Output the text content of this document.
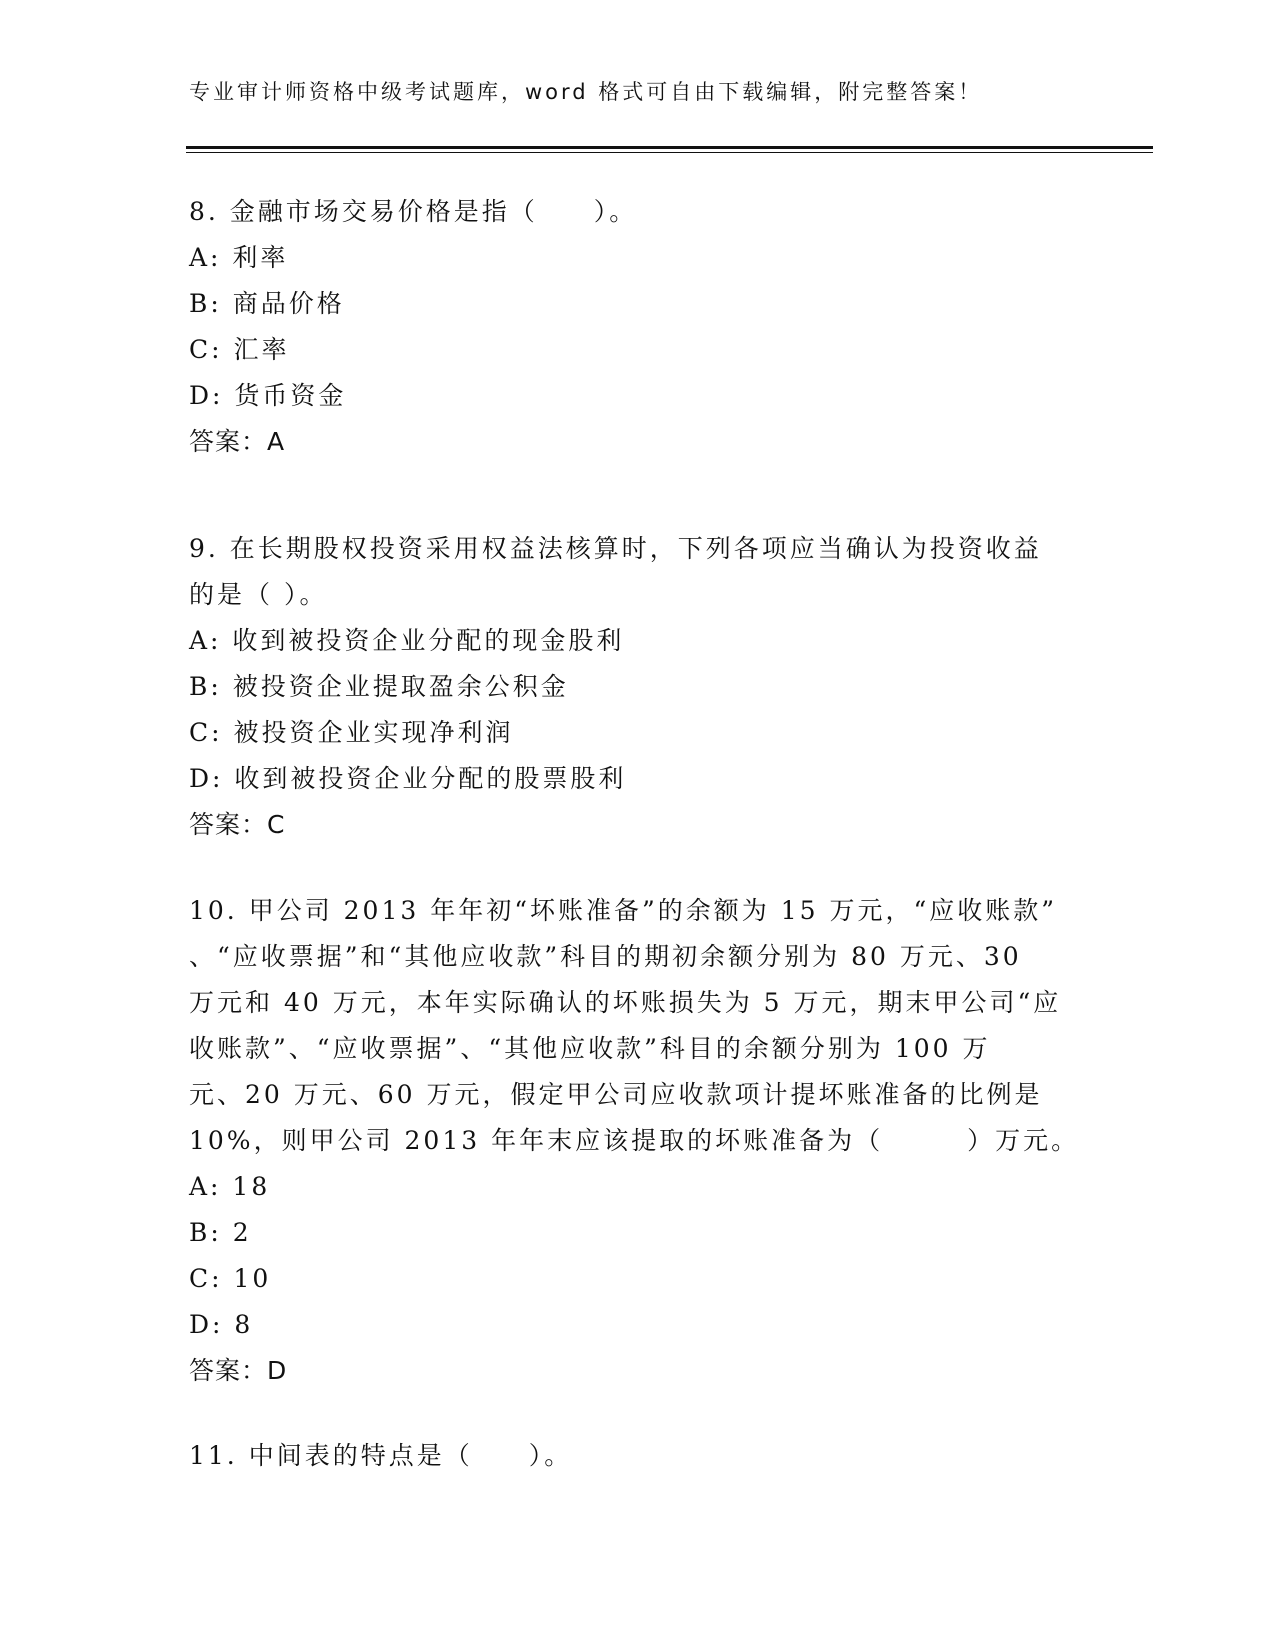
专业审计师资格中级考试题库，word 格式可自由下载编辑，附完整答案！
8. 金融市场交易价格是指（　　）。
A: 利率
B: 商品价格
C: 汇率
D: 货币资金
答案：A
9. 在长期股权投资采用权益法核算时，下列各项应当确认为投资收益
的是（ ）。
A: 收到被投资企业分配的现金股利
B: 被投资企业提取盈余公积金
C: 被投资企业实现净利润
D: 收到被投资企业分配的股票股利
答案：C
10. 甲公司 2013 年年初“坏账准备”的余额为 15 万元，“应收账款”
、“应收票据”和“其他应收款”科目的期初余额分别为 80 万元、30
万元和 40 万元，本年实际确认的坏账损失为 5 万元，期末甲公司“应
收账款”、“应收票据”、“其他应收款”科目的余额分别为 100 万
元、20 万元、60 万元，假定甲公司应收款项计提坏账准备的比例是
10%，则甲公司 2013 年年末应该提取的坏账准备为（　　　）万元。
A: 18
B: 2
C: 10
D: 8
答案：D
11. 中间表的特点是（　　）。
